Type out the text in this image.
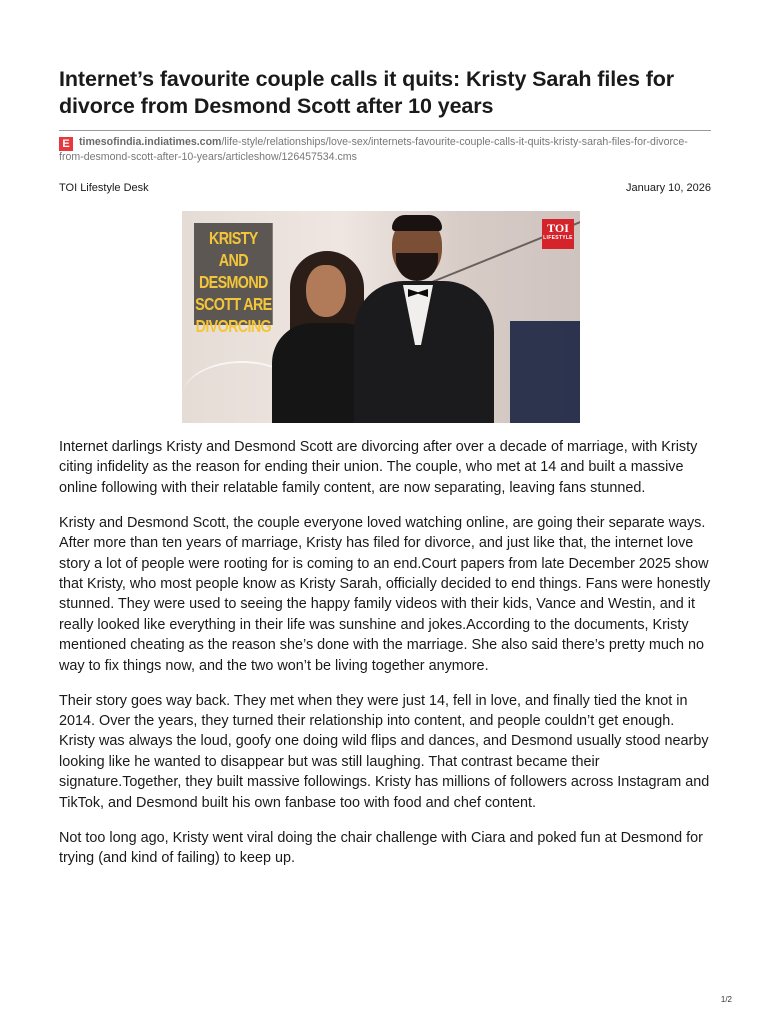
Internet’s favourite couple calls it quits: Kristy Sarah files for divorce from Desmond Scott after 10 years
E timesofindia.indiatimes.com/life-style/relationships/love-sex/internets-favourite-couple-calls-it-quits-kristy-sarah-files-for-divorce-from-desmond-scott-after-10-years/articleshow/126457534.cms
TOI Lifestyle Desk	January 10, 2026
KRISTY AND DESMOND SCOTT ARE DIVORCING
TOI
LIFESTYLE

Internet darlings Kristy and Desmond Scott are divorcing after over a decade of marriage, with Kristy citing infidelity as the reason for ending their union. The couple, who met at 14 and built a massive online following with their relatable family content, are now separating, leaving fans stunned.

Kristy and Desmond Scott, the couple everyone loved watching online, are going their separate ways. After more than ten years of marriage, Kristy has filed for divorce, and just like that, the internet love story a lot of people were rooting for is coming to an end.Court papers from late December 2025 show that Kristy, who most people know as Kristy Sarah, officially decided to end things. Fans were honestly stunned. They were used to seeing the happy family videos with their kids, Vance and Westin, and it really looked like everything in their life was sunshine and jokes.According to the documents, Kristy mentioned cheating as the reason she’s done with the marriage. She also said there’s pretty much no way to fix things now, and the two won’t be living together anymore.

Their story goes way back. They met when they were just 14, fell in love, and finally tied the knot in 2014. Over the years, they turned their relationship into content, and people couldn’t get enough. Kristy was always the loud, goofy one doing wild flips and dances, and Desmond usually stood nearby looking like he wanted to disappear but was still laughing. That contrast became their signature.Together, they built massive followings. Kristy has millions of followers across Instagram and TikTok, and Desmond built his own fanbase too with food and chef content.

Not too long ago, Kristy went viral doing the chair challenge with Ciara and poked fun at Desmond for trying (and kind of failing) to keep up.

1/2
